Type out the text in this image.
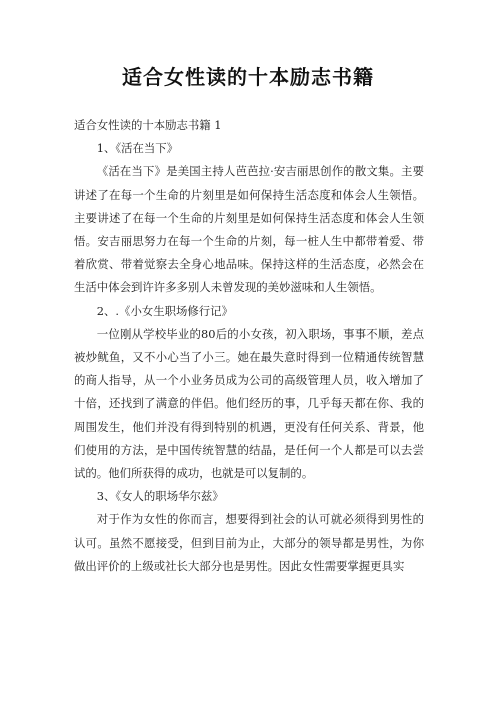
适合女性读的十本励志书籍

适合女性读的十本励志书籍 1

1、《活在当下》

《活在当下》是美国主持人芭芭拉·安吉丽思创作的散文集。主要讲述了在每一个生命的片刻里是如何保持生活态度和体会人生领悟。主要讲述了在每一个生命的片刻里是如何保持生活态度和体会人生领悟。安吉丽思努力在每一个生命的片刻，每一桩人生中都带着爱、带着欣赏、带着觉察去全身心地品味。保持这样的生活态度，必然会在生活中体会到许许多多别人未曾发现的美妙滋味和人生领悟。

2、.《小女生职场修行记》

一位刚从学校毕业的80后的小女孩，初入职场，事事不顺，差点被炒鱿鱼，又不小心当了小三。她在最失意时得到一位精通传统智慧的商人指导，从一个小业务员成为公司的高级管理人员，收入增加了十倍，还找到了满意的伴侣。他们经历的事，几乎每天都在你、我的周围发生，他们并没有得到特别的机遇，更没有任何关系、背景，他们使用的方法，是中国传统智慧的结晶，是任何一个人都是可以去尝试的。他们所获得的成功，也就是可以复制的。

3、《女人的职场华尔兹》

对于作为女性的你而言，想要得到社会的认可就必须得到男性的认可。虽然不愿接受，但到目前为止，大部分的领导都是男性，为你做出评价的上级或社长大部分也是男性。因此女性需要掌握更具实
